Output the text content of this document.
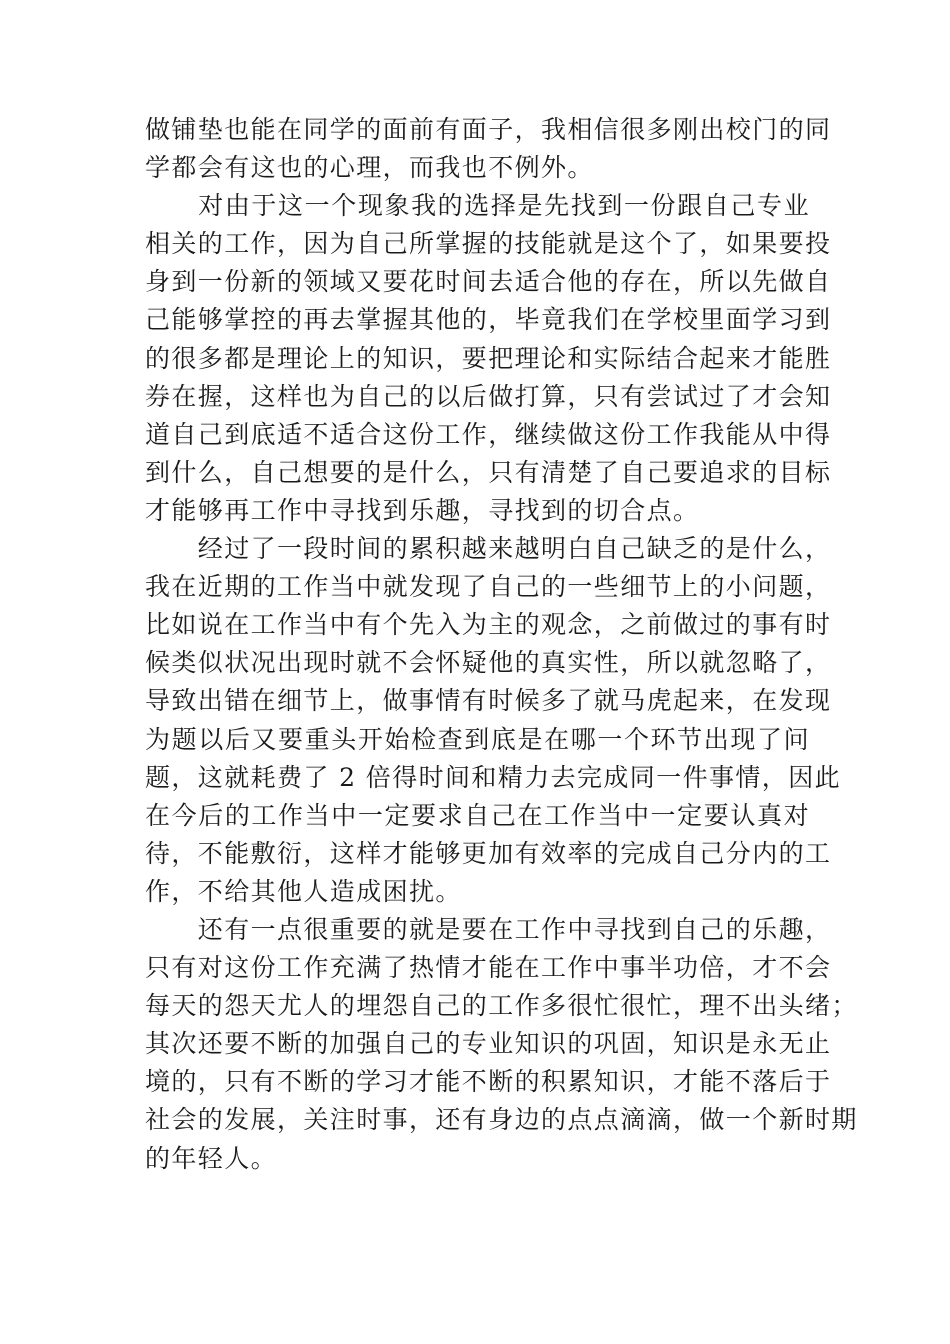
做铺垫也能在同学的面前有面子，我相信很多刚出校门的同
学都会有这也的心理，而我也不例外。
　　对由于这一个现象我的选择是先找到一份跟自己专业
相关的工作，因为自己所掌握的技能就是这个了，如果要投
身到一份新的领域又要花时间去适合他的存在，所以先做自
己能够掌控的再去掌握其他的，毕竟我们在学校里面学习到
的很多都是理论上的知识，要把理论和实际结合起来才能胜
券在握，这样也为自己的以后做打算，只有尝试过了才会知
道自己到底适不适合这份工作，继续做这份工作我能从中得
到什么，自己想要的是什么，只有清楚了自己要追求的目标
才能够再工作中寻找到乐趣，寻找到的切合点。
　　经过了一段时间的累积越来越明白自己缺乏的是什么，
我在近期的工作当中就发现了自己的一些细节上的小问题，
比如说在工作当中有个先入为主的观念，之前做过的事有时
候类似状况出现时就不会怀疑他的真实性，所以就忽略了，
导致出错在细节上，做事情有时候多了就马虎起来，在发现
为题以后又要重头开始检查到底是在哪一个环节出现了问
题，这就耗费了 2 倍得时间和精力去完成同一件事情，因此
在今后的工作当中一定要求自己在工作当中一定要认真对
待，不能敷衍，这样才能够更加有效率的完成自己分内的工
作，不给其他人造成困扰。
　　还有一点很重要的就是要在工作中寻找到自己的乐趣，
只有对这份工作充满了热情才能在工作中事半功倍，才不会
每天的怨天尤人的埋怨自己的工作多很忙很忙，理不出头绪；
其次还要不断的加强自己的专业知识的巩固，知识是永无止
境的，只有不断的学习才能不断的积累知识，才能不落后于
社会的发展，关注时事，还有身边的点点滴滴，做一个新时期
的年轻人。
